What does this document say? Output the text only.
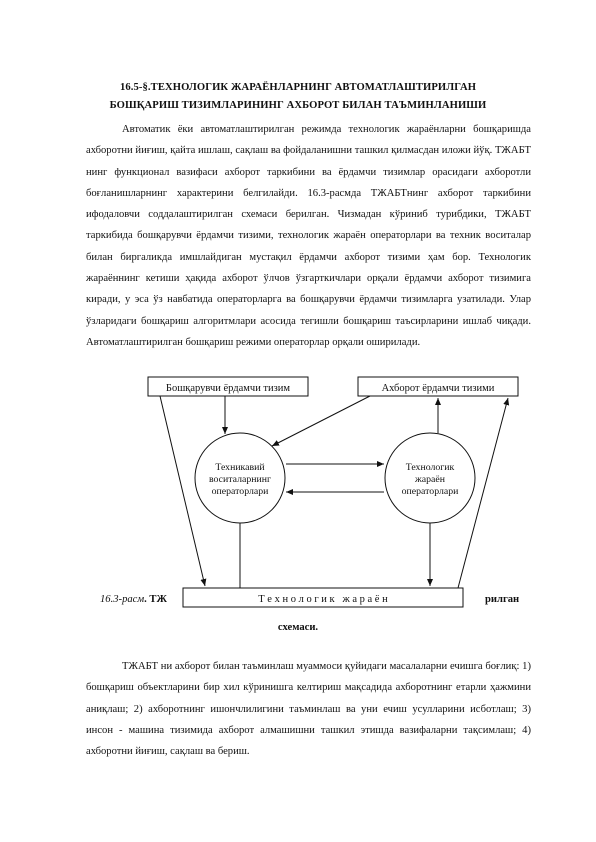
16.5-§.ТЕХНОЛОГИК ЖАРАЁНЛАРНИНГ АВТОМАТЛАШТИРИЛГАН
БОШҚАРИШ ТИЗИМЛАРИНИНГ АХБОРОТ БИЛАН ТАЪМИНЛАНИШИ

Автоматик ёки автоматлаштирилган режимда технологик жараёнларни бошқаришда ахборотни йиғиш, қайта ишлаш, сақлаш ва фойдаланишни ташкил қилмасдан иложи йўқ. ТЖАБТ нинг функционал вазифаси ахборот таркибини ва ёрдамчи тизимлар орасидаги ахборотли боғланишларнинг характерини белгилайди. 16.3-расмда ТЖАБТнинг ахборот таркибини ифодаловчи соддалаштирилган схемаси берилган. Чизмадан кўриниб турибдики, ТЖАБТ таркибида бошқарувчи ёрдамчи тизими, технологик жараён операторлари ва техник воситалар билан биргаликда имшлайдиган мустақил ёрдамчи ахборот тизими ҳам бор. Технологик жараённинг кетиши ҳақида ахборот ўлчов ўзгарткичлари орқали ёрдамчи ахборот тизимига киради, у эса ўз навбатида операторларга ва бошқарувчи ёрдамчи тизимларга узатилади. Улар ўзларидаги бошқариш алгоритмлари асосида тегишли бошқариш таъсирларини ишлаб чиқади. Автоматлаштирилган бошқариш режими операторлар орқали оширилади.

Бошқарувчи ёрдамчи тизим	Ахборот ёрдамчи тизими
Техникавий
воситаларнинг
операторлари
Технологик
жараён
операторлари
Т е х н о л о г и к   ж а р а ё н
16.3-расм. ТЖ	рилган
схемаси.

ТЖАБТ ни ахборот билан таъминлаш муаммоси қуйидаги масалаларни ечишга боғлиқ: 1) бошқариш объектларини бир хил кўринишга келтириш мақсадида ахборотнинг етарли ҳажмини аниқлаш; 2) ахборотнинг ишончлилигини таъминлаш ва уни ечиш усулларини исботлаш; 3) инсон - машина тизимида ахборот алмашишни ташкил этишда вазифаларни тақсимлаш; 4) ахборотни йиғиш, сақлаш ва бериш.
